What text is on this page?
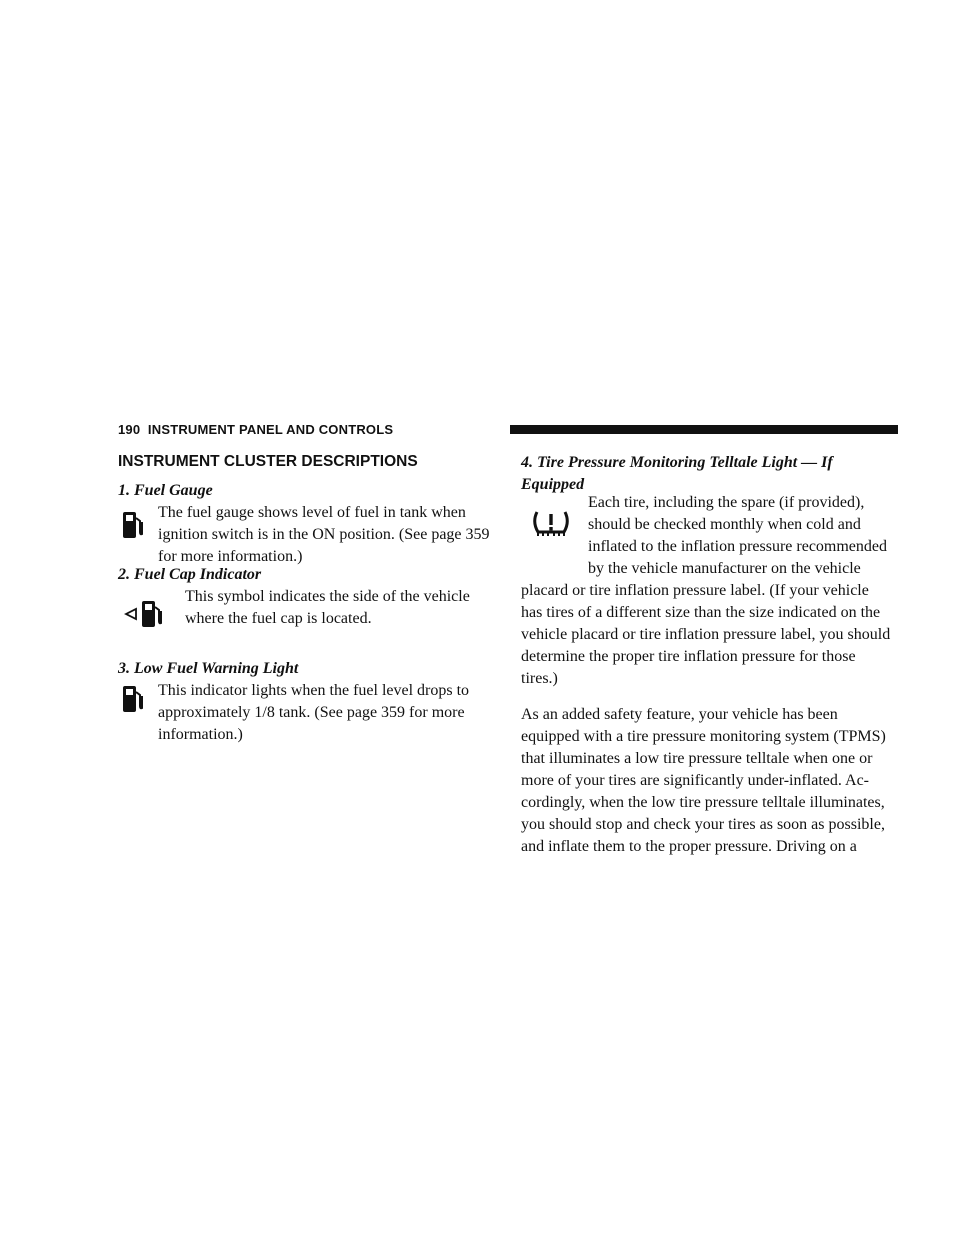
190 INSTRUMENT PANEL AND CONTROLS
INSTRUMENT CLUSTER DESCRIPTIONS
1. Fuel Gauge

The fuel gauge shows level of fuel in tank when

ignition switch is in the ON position. (See page 359

for more information.)

2. Fuel Cap Indicator

This symbol indicates the side of the vehicle

where the fuel cap is located.

3. Low Fuel Warning Light

This indicator lights when the fuel level drops to

approximately 1/8 tank. (See page 359 for more

information.)

4. Tire Pressure Monitoring Telltale Light — If
Equipped

Each tire, including the spare (if provided),

should be checked monthly when cold and

inflated to the inflation pressure recommended

by the vehicle manufacturer on the vehicle

placard or tire inflation pressure label. (If your vehicle

has tires of a different size than the size indicated on the

vehicle placard or tire inflation pressure label, you should

determine the proper tire inflation pressure for those

tires.)

As an added safety feature, your vehicle has been

equipped with a tire pressure monitoring system (TPMS)

that illuminates a low tire pressure telltale when one or

more of your tires are significantly under-inflated. Ac-

cordingly, when the low tire pressure telltale illuminates,

you should stop and check your tires as soon as possible,

and inflate them to the proper pressure. Driving on a
